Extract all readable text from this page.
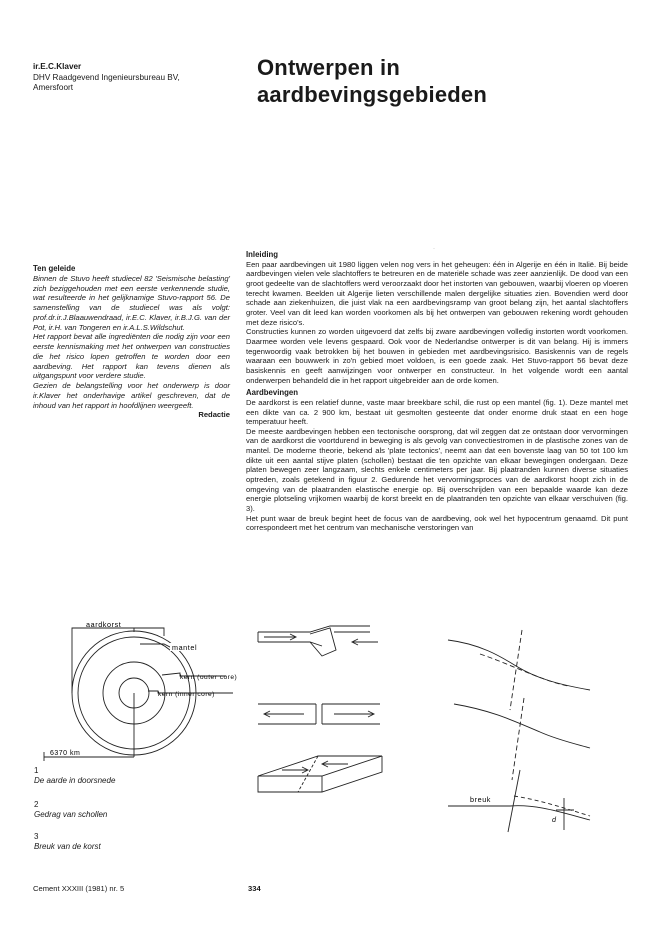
ir.E.C.Klaver
DHV Raadgevend Ingenieursbureau BV,
Amersfoort
Ontwerpen in
aardbevingsgebieden
·
Ten geleide

Binnen de Stuvo heeft studiecel 82 'Seismische belasting' zich beziggehouden met een eerste verkennende studie, wat resulteerde in het gelijknamige Stuvo-rapport 56. De samenstelling van de studiecel was als volgt: prof.dr.ir.J.Blaauwendraad, ir.E.C. Klaver, ir.B.J.G. van der Pot, ir.H. van Tongeren en ir.A.L.S.Wildschut.

Het rapport bevat alle ingrediënten die nodig zijn voor een eerste kennismaking met het ontwerpen van constructies die het risico lopen getroffen te worden door een aardbeving. Het rapport kan tevens dienen als uitgangspunt voor verdere studie.

Gezien de belangstelling voor het onderwerp is door ir.Klaver het onderhavige artikel geschreven, dat de inhoud van het rapport in hoofdlijnen weergeeft.

Redactie

Inleiding

Een paar aardbevingen uit 1980 liggen velen nog vers in het geheugen: één in Algerije en één in Italië. Bij beide aardbevingen vielen vele slachtoffers te betreuren en de materiële schade was zeer aanzienlijk. De dood van een groot gedeelte van de slachtoffers werd veroorzaakt door het instorten van gebouwen, waarbij vloeren op vloeren terecht kwamen. Beelden uit Algerije lieten verschillende malen dergelijke situaties zien. Bovendien werd door schade aan ziekenhuizen, die juist vlak na een aardbevingsramp van groot belang zijn, het aantal slachtoffers groter. Veel van dit leed kan worden voorkomen als bij het ontwerpen van gebouwen rekening wordt gehouden met deze risico's.

Constructies kunnen zo worden uitgevoerd dat zelfs bij zware aardbevingen volledig instorten wordt voorkomen. Daarmee worden vele levens gespaard. Ook voor de Nederlandse ontwerper is dit van belang. Hij is immers tegenwoordig vaak betrokken bij het bouwen in gebieden met aardbevingsrisico. Basiskennis van de regels waaraan een bouwwerk in zo'n gebied moet voldoen, is een goede zaak. Het Stuvo-rapport 56 bevat deze basiskennis en geeft aanwijzingen voor ontwerper en constructeur. In het volgende wordt een aantal onderwerpen behandeld die in het rapport uitgebreider aan de orde komen.

Aardbevingen

De aardkorst is een relatief dunne, vaste maar breekbare schil, die rust op een mantel (fig. 1). Deze mantel met een dikte van ca. 2 900 km, bestaat uit gesmolten gesteente dat onder enorme druk staat en een hoge temperatuur heeft.

De meeste aardbevingen hebben een tectonische oorsprong, dat wil zeggen dat ze ontstaan door vervormingen van de aardkorst die voortdurend in beweging is als gevolg van convectiestromen in de plastische zones van de mantel. De moderne theorie, bekend als 'plate tectonics', neemt aan dat een bovenste laag van 50 tot 100 km dikte uit een aantal stijve platen (schollen) bestaat die ten opzichte van elkaar bewegingen ondergaan. Deze platen bewegen zeer langzaam, slechts enkele centimeters per jaar. Bij plaatranden kunnen diverse situaties optreden, zoals getekend in figuur 2. Gedurende het vervormingsproces van de aardkorst hoopt zich in de omgeving van de plaatranden elastische energie op. Bij overschrijden van een bepaalde waarde kan deze energie plotseling vrijkomen waarbij de korst breekt en de plaatranden ten opzichte van elkaar verschuiven (fig. 3).

Het punt waar de breuk begint heet de focus van de aardbeving, ook wel het hypocentrum genaamd. Dit punt correspondeert met het centrum van mechanische verstoringen van

aardkorst
mantel
kern (outer core)
kern (inner core)
6370 km
breuk
d
1
De aarde in doorsnede
2
Gedrag van schollen
3
Breuk van de korst
Cement XXXIII (1981) nr. 5	334
